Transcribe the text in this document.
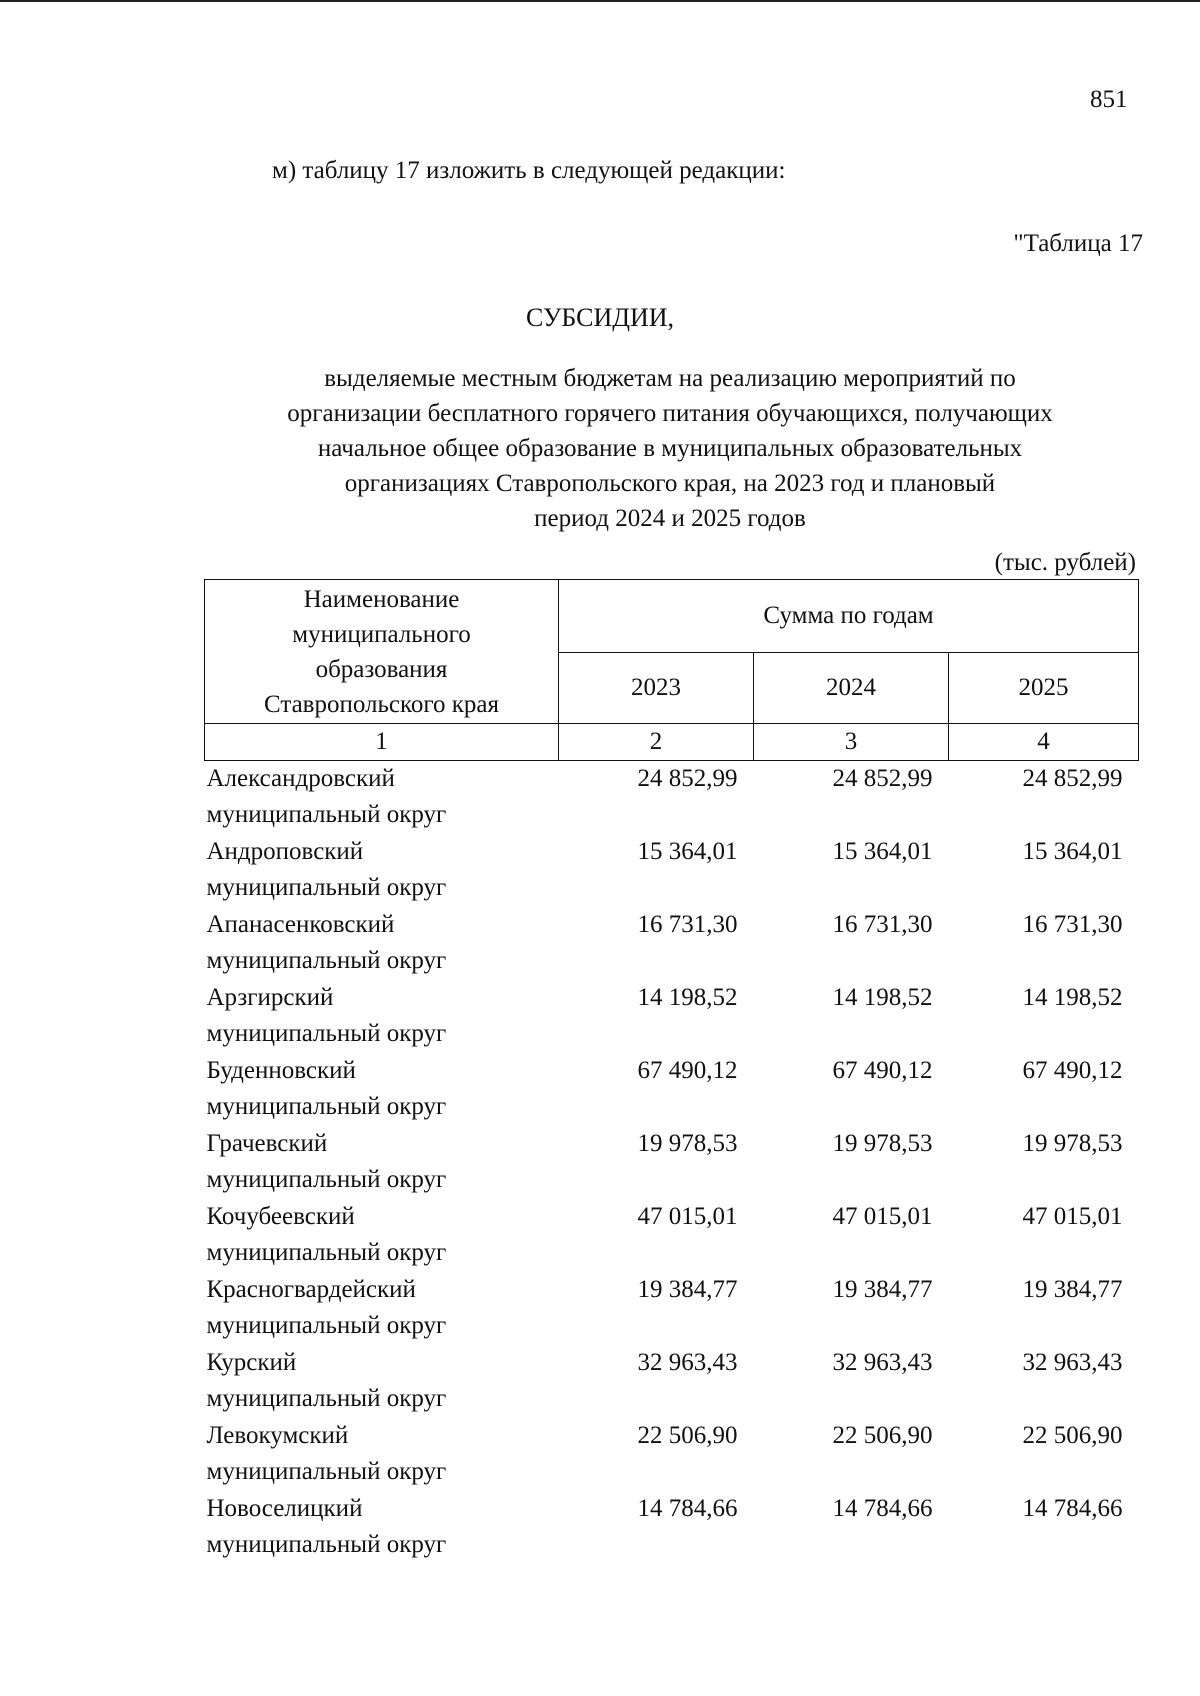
851
м) таблицу 17 изложить в следующей редакции:
"Таблица 17
СУБСИДИИ,
выделяемые местным бюджетам на реализацию мероприятий по
организации бесплатного горячего питания обучающихся, получающих
начальное общее образование в муниципальных образовательных
организациях Ставропольского края, на 2023 год и плановый
период 2024 и 2025 годов
(тыс. рублей)
Наименование
муниципального
образования
Ставропольского края	Сумма по годам		
	2023	2024	2025
1	2	3	4

Александровский
муниципальный округ	24 852,99	24 852,99	24 852,99

Андроповский
муниципальный округ	15 364,01	15 364,01	15 364,01

Апанасенковский
муниципальный округ	16 731,30	16 731,30	16 731,30

Арзгирский
муниципальный округ	14 198,52	14 198,52	14 198,52

Буденновский
муниципальный округ	67 490,12	67 490,12	67 490,12

Грачевский
муниципальный округ	19 978,53	19 978,53	19 978,53

Кочубеевский
муниципальный округ	47 015,01	47 015,01	47 015,01

Красногвардейский
муниципальный округ	19 384,77	19 384,77	19 384,77

Курский
муниципальный округ	32 963,43	32 963,43	32 963,43

Левокумский
муниципальный округ	22 506,90	22 506,90	22 506,90

Новоселицкий
муниципальный округ	14 784,66	14 784,66	14 784,66
